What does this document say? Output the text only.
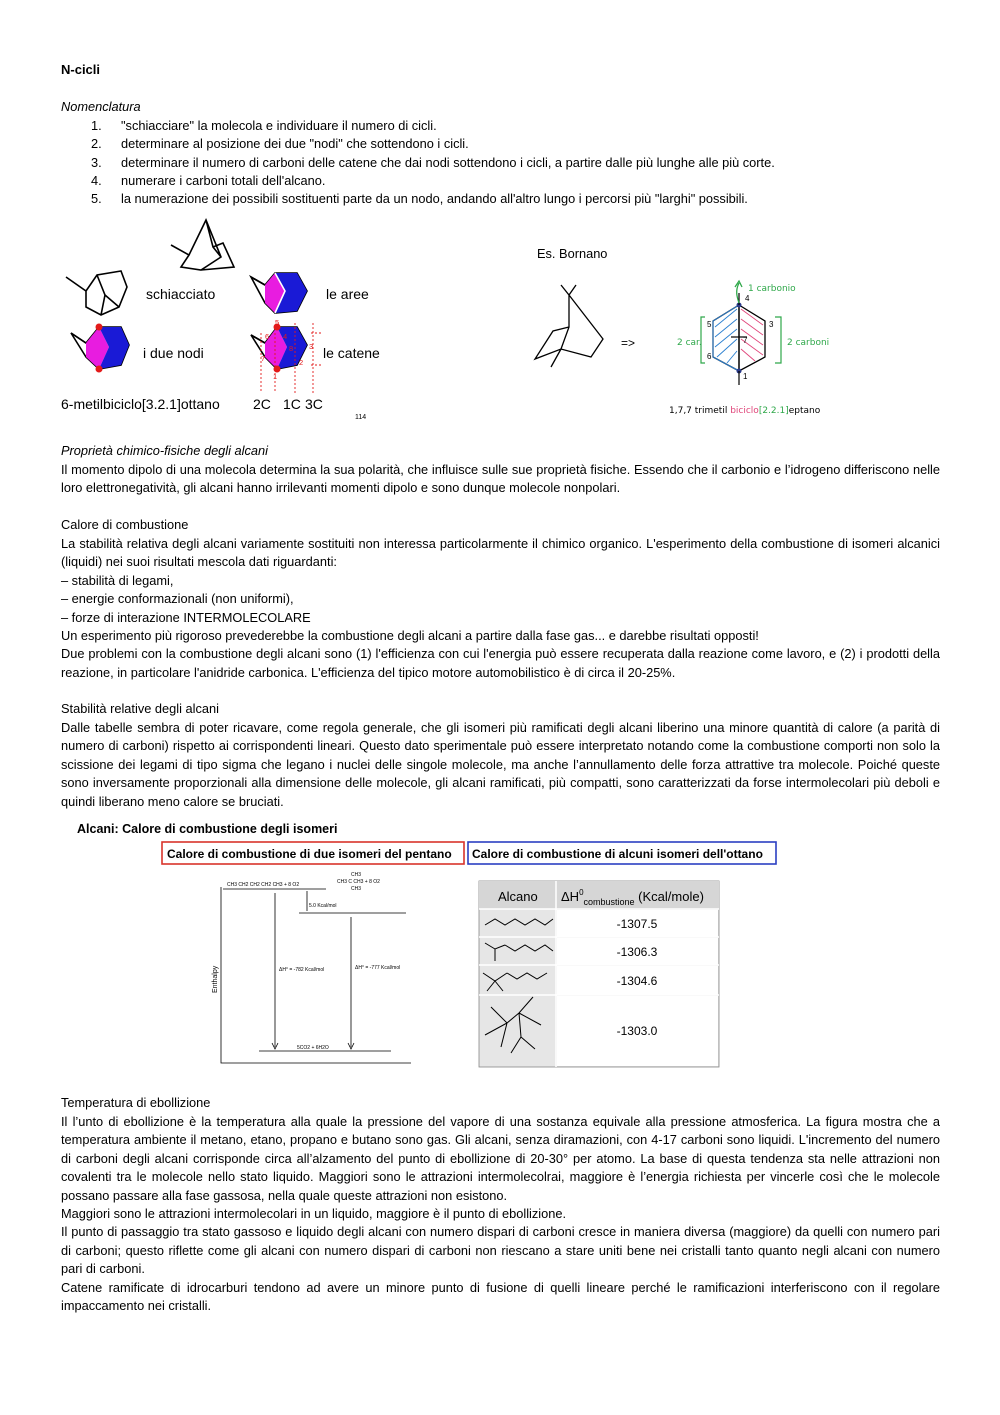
N-cicli

Nomenclatura

1. "schiacciare" la molecola e individuare il numero di cicli.
2. determinare al posizione dei due "nodi" che sottendono i cicli.
3. determinare il numero di carboni delle catene che dai nodi sottendono i cicli, a partire dalle più lunghe alle più corte.
4. numerare i carboni totali dell'alcano.
5. la numerazione dei possibili sostituenti parte da un nodo, andando all'altro lungo i percorsi più "larghi" possibili.
schiacciato	le aree
i due nodi
5
6
7
4
3
2
1
8 le catene
6-metilbiciclo[3.2.1]ottano 2C 1C 3C
114

Es. Bornano

=>
5	3
6
4
7
1
1 carbonio
2 car.	2 carboni
1,7,7 trimetil biciclo[2.2.1]eptano

Proprietà chimico-fisiche degli alcani

Il momento dipolo di una molecola determina la sua polarità, che influisce sulle sue proprietà fisiche. Essendo che il carbonio e l’idrogeno differiscono nelle loro elettronegatività, gli alcani hanno irrilevanti momenti dipolo e sono dunque molecole nonpolari.

Calore di combustione

La stabilità relativa degli alcani variamente sostituiti non interessa particolarmente il chimico organico. L'esperimento della combustione di isomeri alcanici (liquidi) nei suoi risultati mescola dati riguardanti:

– stabilità di legami,

– energie conformazionali (non uniformi),

– forze di interazione INTERMOLECOLARE

Un esperimento più rigoroso prevederebbe la combustione degli alcani a partire dalla fase gas... e darebbe risultati opposti!

Due problemi con la combustione degli alcani sono (1) l'efficienza con cui l'energia può essere recuperata dalla reazione come lavoro, e (2) i prodotti della reazione, in particolare l'anidride carbonica. L'efficienza del tipico motore automobilistico è di circa il 20-25%.

Stabilità relative degli alcani

Dalle tabelle sembra di poter ricavare, come regola generale, che gli isomeri più ramificati degli alcani liberino una minore quantità di calore (a parità di numero di carboni) rispetto ai corrispondenti lineari. Questo dato sperimentale può essere interpretato notando come la combustione comporti non solo la scissione dei legami di tipo sigma che legano i nuclei delle singole molecole, ma anche l’annullamento delle forza attrattive tra molecole. Poiché queste sono inversamente proporzionali alla dimensione delle molecole, gli alcani ramificati, più compatti, sono caratterizzati da forse intermolecolari più deboli e quindi liberano meno calore se bruciati.

Alcani: Calore di combustione degli isomeri
Calore di combustione di due isomeri del pentano Calore di combustione di alcuni isomeri dell'ottano
CH3 CH2 CH2 CH2 CH3 + 8 O2
CH3
CH3 C CH3 + 8 O2
CH3
5.0 Kcal/mol
ΔH° = -782 Kcal/mol	ΔH° = -777 Kcal/mol
5CO2 + 6H2O
Enthalpy
Alcano $\Delta H^0_{combustione}$ (Kcal/mole)
-1307.5
-1306.3
-1304.6
-1303.0

Temperatura di ebollizione

Il l’unto di ebollizione è la temperatura alla quale la pressione del vapore di una sostanza equivale alla pressione atmosferica. La figura mostra che a temperatura ambiente il metano, etano, propano e butano sono gas. Gli alcani, senza diramazioni, con 4-17 carboni sono liquidi. L'incremento del numero di carboni degli alcani corrisponde circa all’alzamento del punto di ebollizione di 20-30° per atomo. La base di questa tendenza sta nelle attrazioni non covalenti tra le molecole nello stato liquido. Maggiori sono le attrazioni intermolecolrai, maggiore è l’energia richiesta per vincerle così che le molecole possano passare alla fase gassosa, nella quale queste attrazioni non esistono.

Maggiori sono le attrazioni intermolecolari in un liquido, maggiore è il punto di ebollizione.

Il punto di passaggio tra stato gassoso e liquido degli alcani con numero dispari di carboni cresce in maniera diversa (maggiore) da quelli con numero pari di carboni; questo riflette come gli alcani con numero dispari di carboni non riescano a stare uniti bene nei cristalli tanto quanto negli alcani con numero pari di carboni.

Catene ramificate di idrocarburi tendono ad avere un minore punto di fusione di quelli lineare perché le ramificazioni interferiscono con il regolare impaccamento nei cristalli.
